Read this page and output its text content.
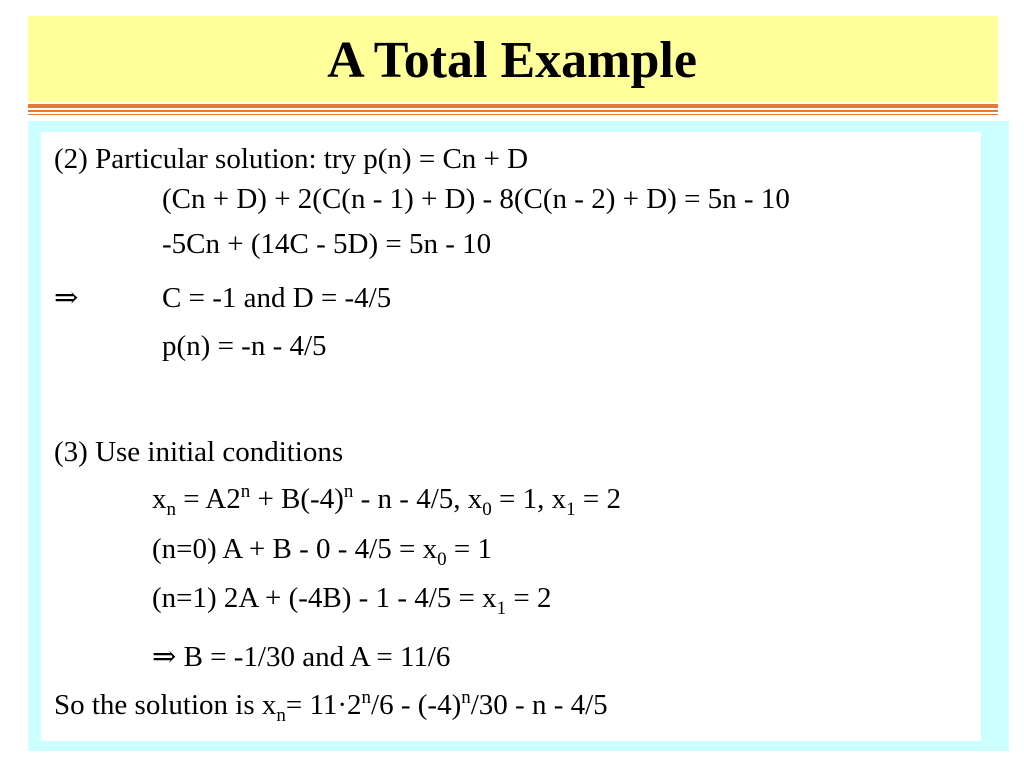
A Total Example
(2) Particular solution: try p(n) = Cn + D
(Cn + D) + 2(C(n - 1) + D) - 8(C(n - 2) + D) = 5n - 10
-5Cn + (14C - 5D) = 5n - 10
⇒	C = -1 and D = -4/5
p(n) = -n - 4/5
(3) Use initial conditions
$x_n = A2^n + B(-4)^n - n - 4/5$, $x_0 = 1$, $x_1 = 2$
(n=0) $A + B - 0 - 4/5 = x_0 = 1$
(n=1) $2A + (-4B) - 1 - 4/5 = x_1 = 2$
⇒ B = -1/30 and A = 11/6
So the solution is $x_n= 11\cdot 2^n/6 - (-4)^n/30 - n - 4/5$
